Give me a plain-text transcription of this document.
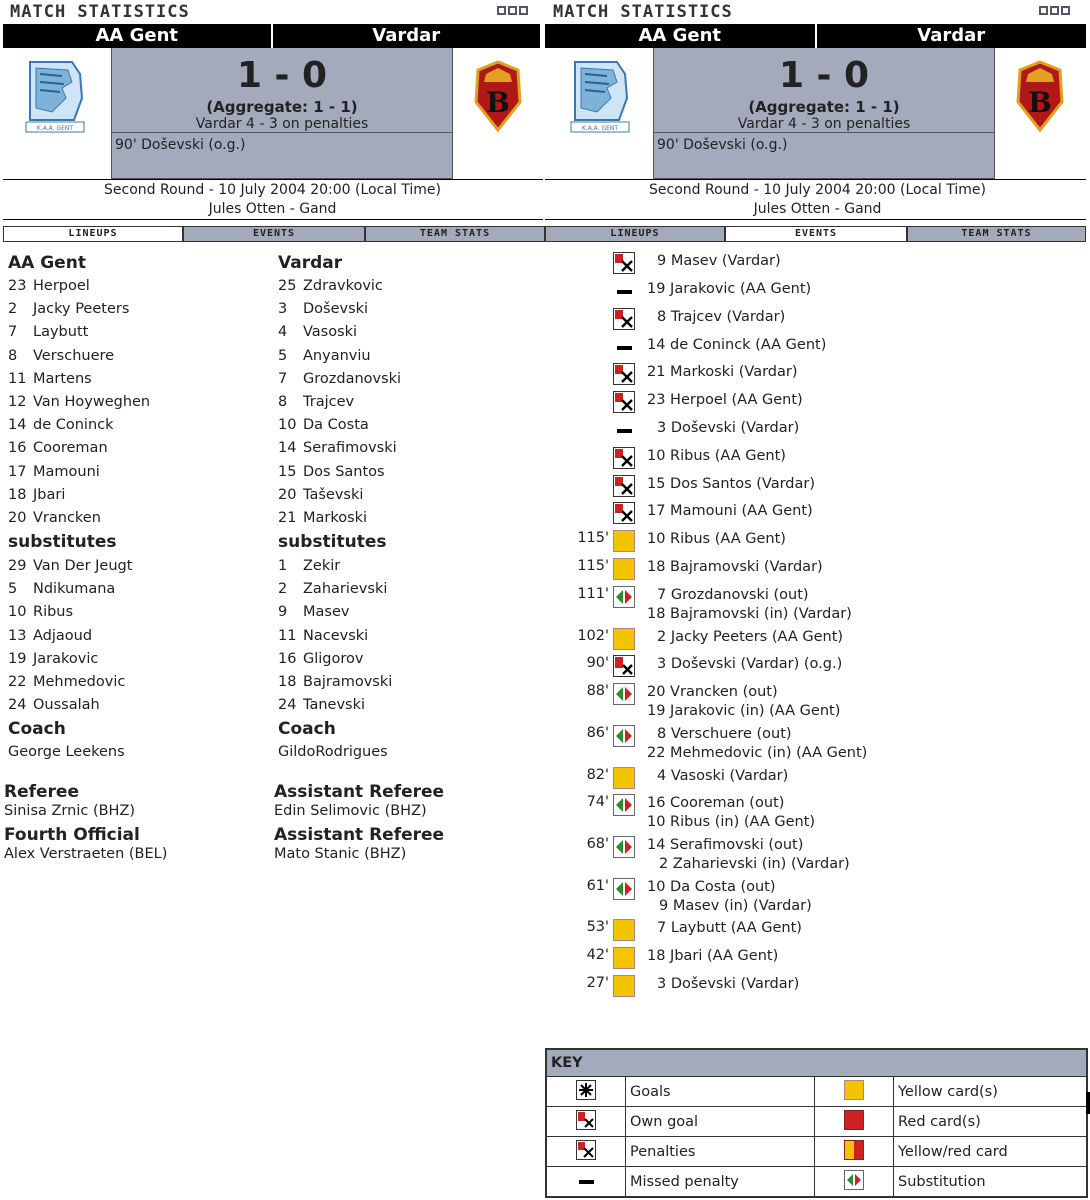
MATCH STATISTICS
AA Gent	Vardar
K.A.A. GENT
1 - 0
(Aggregate: 1 - 1)
Vardar 4 - 3 on penalties
90' Doševski (o.g.)
B
Second Round - 10 July 2004 20:00 (Local Time)
Jules Otten - Gand
LINEUPS	EVENTS	TEAM STATS
AA Gent
23 Herpoel
2 Jacky Peeters
7 Laybutt
8 Verschuere
11 Martens
12 Van Hoyweghen
14 de Coninck
16 Cooreman
17 Mamouni
18 Jbari
20 Vrancken
substitutes
29 Van Der Jeugt
5 Ndikumana
10 Ribus
13 Adjaoud
19 Jarakovic
22 Mehmedovic
24 Oussalah
Coach
George Leekens
Vardar
25 Zdravkovic
3 Doševski
4 Vasoski
5 Anyanviu
7 Grozdanovski
8 Trajcev
10 Da Costa
14 Serafimovski
15 Dos Santos
20 Taševski
21 Markoski
substitutes
1 Zekir
2 Zaharievski
9 Masev
11 Nacevski
16 Gligorov
18 Bajramovski
24 Tanevski
Coach
GildoRodrigues
Referee
Sinisa Zrnic (BHZ)
Fourth Official
Alex Verstraeten (BEL)
Assistant Referee
Edin Selimovic (BHZ)
Assistant Referee
Mato Stanic (BHZ)
MATCH STATISTICS
AA Gent	Vardar
K.A.A. GENT
1 - 0
(Aggregate: 1 - 1)
Vardar 4 - 3 on penalties
90' Doševski (o.g.)
B
Second Round - 10 July 2004 20:00 (Local Time)
Jules Otten - Gand
LINEUPS	EVENTS	TEAM STATS
9 Masev (Vardar)
19 Jarakovic (AA Gent)
8 Trajcev (Vardar)
14 de Coninck (AA Gent)
21 Markoski (Vardar)
23 Herpoel (AA Gent)
3 Doševski (Vardar)
10 Ribus (AA Gent)
15 Dos Santos (Vardar)
17 Mamouni (AA Gent)
115'	10 Ribus (AA Gent)
115'	18 Bajramovski (Vardar)
111'	7 Grozdanovski (out)
18 Bajramovski (in) (Vardar)
102'	2 Jacky Peeters (AA Gent)
90'	3 Doševski (Vardar) (o.g.)
88'	20 Vrancken (out)
19 Jarakovic (in) (AA Gent)
86'	8 Verschuere (out)
22 Mehmedovic (in) (AA Gent)
82'	4 Vasoski (Vardar)
74'	16 Cooreman (out)
10 Ribus (in) (AA Gent)
68'	14 Serafimovski (out)
2 Zaharievski (in) (Vardar)
61'	10 Da Costa (out)
9 Masev (in) (Vardar)
53'	7 Laybutt (AA Gent)
42'	18 Jbari (AA Gent)
27'	3 Doševski (Vardar)
KEY			
	Goals		Yellow card(s)
	Own goal		Red card(s)
	Penalties		Yellow/red card
	Missed penalty		Substitution
